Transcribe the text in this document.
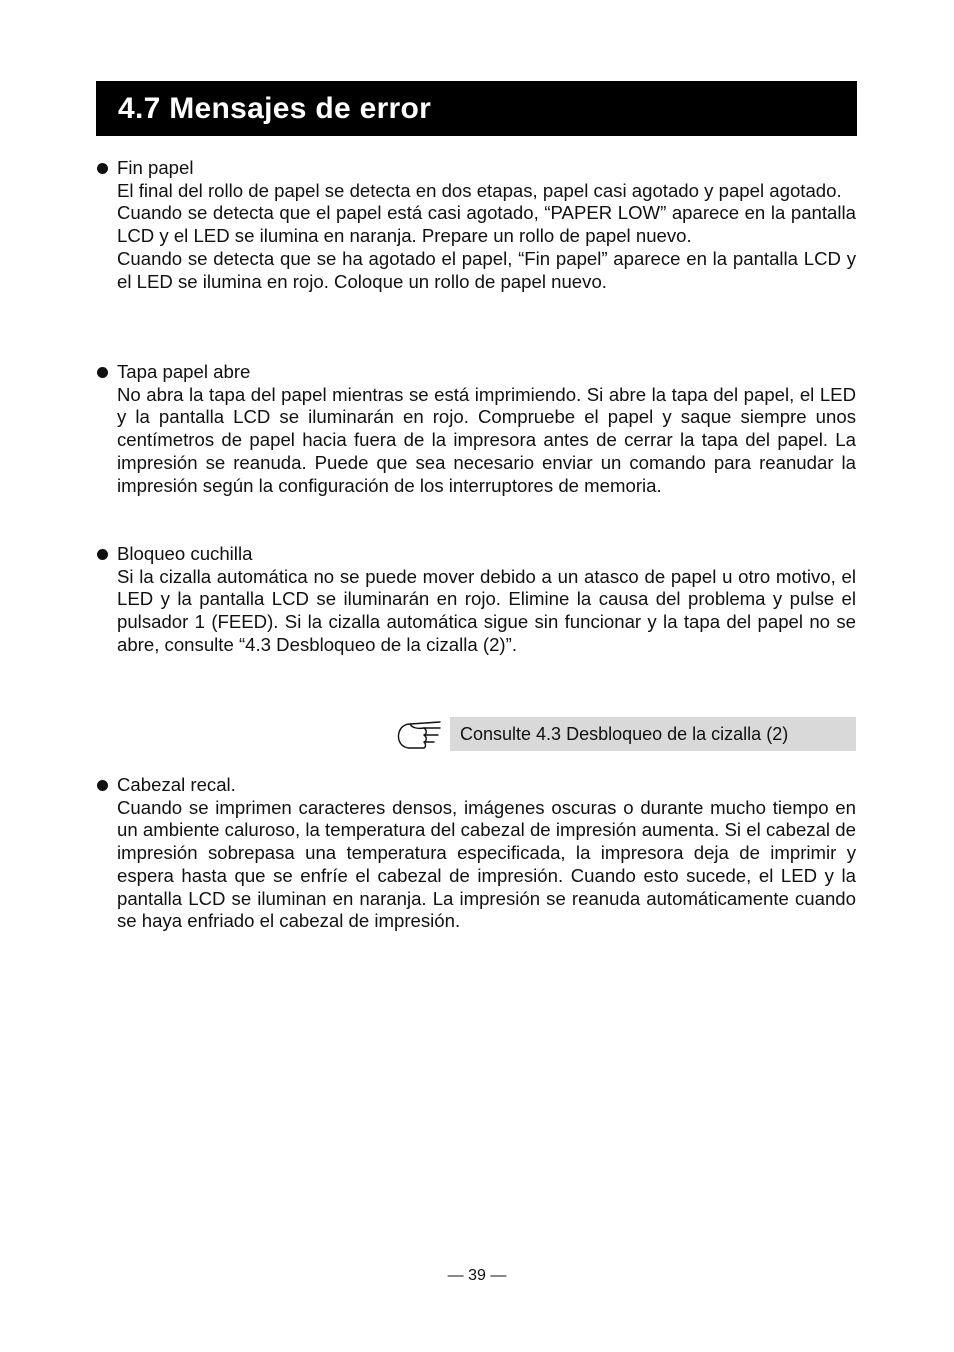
4.7 Mensajes de error
Fin papel

El final del rollo de papel se detecta en dos etapas, papel casi agotado y papel agotado.

Cuando se detecta que el papel está casi agotado, “PAPER LOW” aparece en la pantalla LCD y el LED se ilumina en naranja. Prepare un rollo de papel nuevo.

Cuando se detecta que se ha agotado el papel, “Fin papel” aparece en la pantalla LCD y el LED se ilumina en rojo. Coloque un rollo de papel nuevo.

Tapa papel abre

No abra la tapa del papel mientras se está imprimiendo. Si abre la tapa del papel, el LED y la pantalla LCD se iluminarán en rojo. Compruebe el papel y saque siempre unos centímetros de papel hacia fuera de la impresora antes de cerrar la tapa del papel. La impresión se reanuda. Puede que sea necesario enviar un comando para reanudar la impresión según la configuración de los interruptores de memoria.

Bloqueo cuchilla

Si la cizalla automática no se puede mover debido a un atasco de papel u otro motivo, el LED y la pantalla LCD se iluminarán en rojo. Elimine la causa del problema y pulse el pulsador 1 (FEED). Si la cizalla automática sigue sin funcionar y la tapa del papel no se abre, consulte “4.3 Desbloqueo de la cizalla (2)”.

Consulte 4.3 Desbloqueo de la cizalla (2)
Cabezal recal.

Cuando se imprimen caracteres densos, imágenes oscuras o durante mucho tiempo en un ambiente caluroso, la temperatura del cabezal de impresión aumenta. Si el cabezal de impresión sobrepasa una temperatura especificada, la impresora deja de imprimir y espera hasta que se enfríe el cabezal de impresión. Cuando esto sucede, el LED y la pantalla LCD se iluminan en naranja. La impresión se reanuda automáticamente cuando se haya enfriado el cabezal de impresión.

— 39 —
